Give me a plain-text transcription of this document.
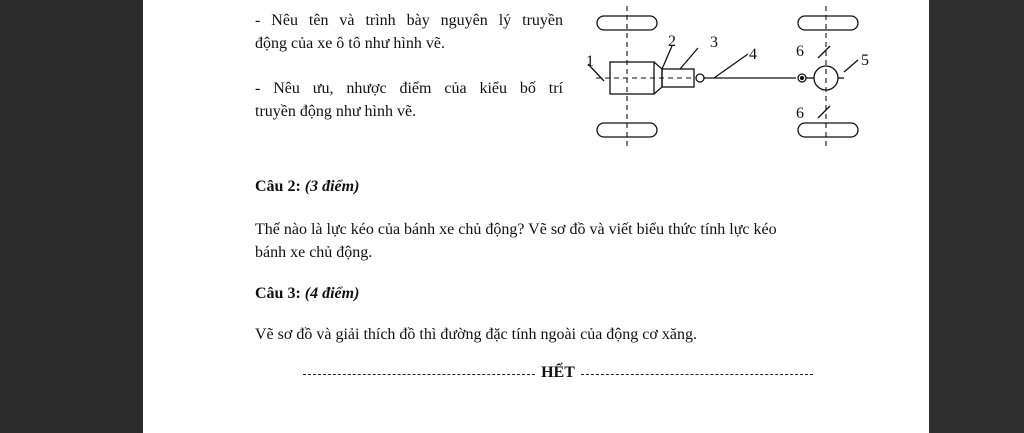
- Nêu tên và trình bày nguyên lý truyền
động của xe ô tô như hình vẽ.
- Nêu ưu, nhược điểm của kiểu bố trí
truyền động như hình vẽ.
1
2 3
4	5
6
6
Câu 2: (3 điểm)
Thế nào là lực kéo của bánh xe chủ động? Vẽ sơ đồ và viết biểu thức tính lực kéo
bánh xe chủ động.
Câu 3: (4 điểm)
Vẽ sơ đồ và giải thích đồ thì đường đặc tính ngoài của động cơ xăng.
HẾT
